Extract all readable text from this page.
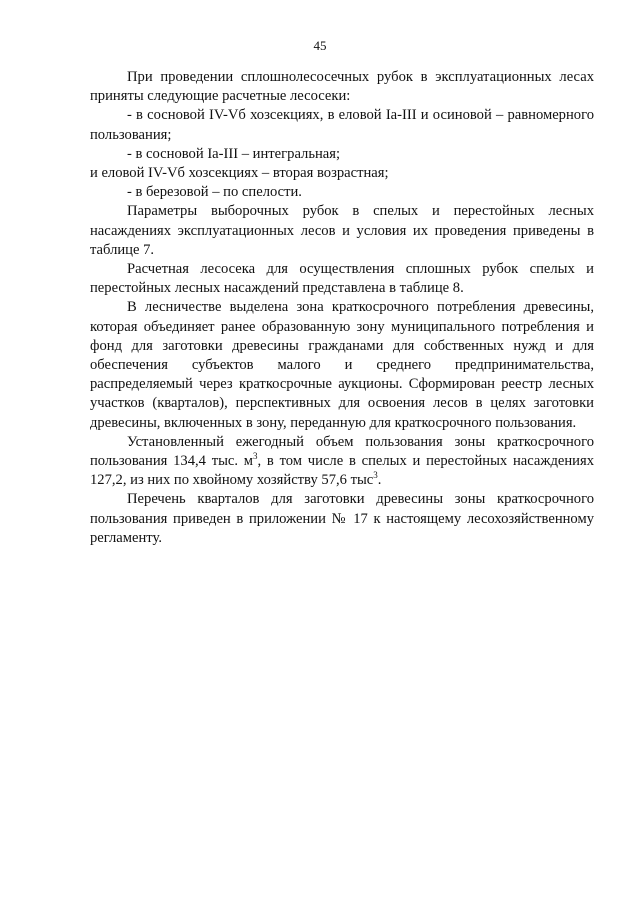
45

При проведении сплошнолесосечных рубок в эксплуатационных лесах приняты следующие расчетные лесосеки:

- в сосновой IV-Vб хозсекциях, в еловой Iа-III и осиновой – равномерного пользования;

- в сосновой Iа-III – интегральная;

и еловой IV-Vб хозсекциях – вторая возрастная;

- в березовой – по спелости.

Параметры выборочных рубок в спелых и перестойных лесных насаждениях эксплуатационных лесов и условия их проведения приведены в таблице 7.

Расчетная лесосека для осуществления сплошных рубок спелых и перестойных лесных насаждений представлена в таблице 8.

В лесничестве выделена зона краткосрочного потребления древесины, которая объединяет ранее образованную зону муниципального потребления и фонд для заготовки древесины гражданами для собственных нужд и для обеспечения субъектов малого и среднего предпринимательства, распределяемый через краткосрочные аукционы. Сформирован реестр лесных участков (кварталов), перспективных для освоения лесов в целях заготовки древесины, включенных в зону, переданную для краткосрочного пользования.

Установленный ежегодный объем пользования зоны краткосрочного пользования 134,4 тыс. $м^3$, в том числе в спелых и перестойных насаждениях 127,2, из них по хвойному хозяйству 57,6 тыс$^3$.

Перечень кварталов для заготовки древесины зоны краткосрочного пользования приведен в приложении № 17 к настоящему лесохозяйственному регламенту.
